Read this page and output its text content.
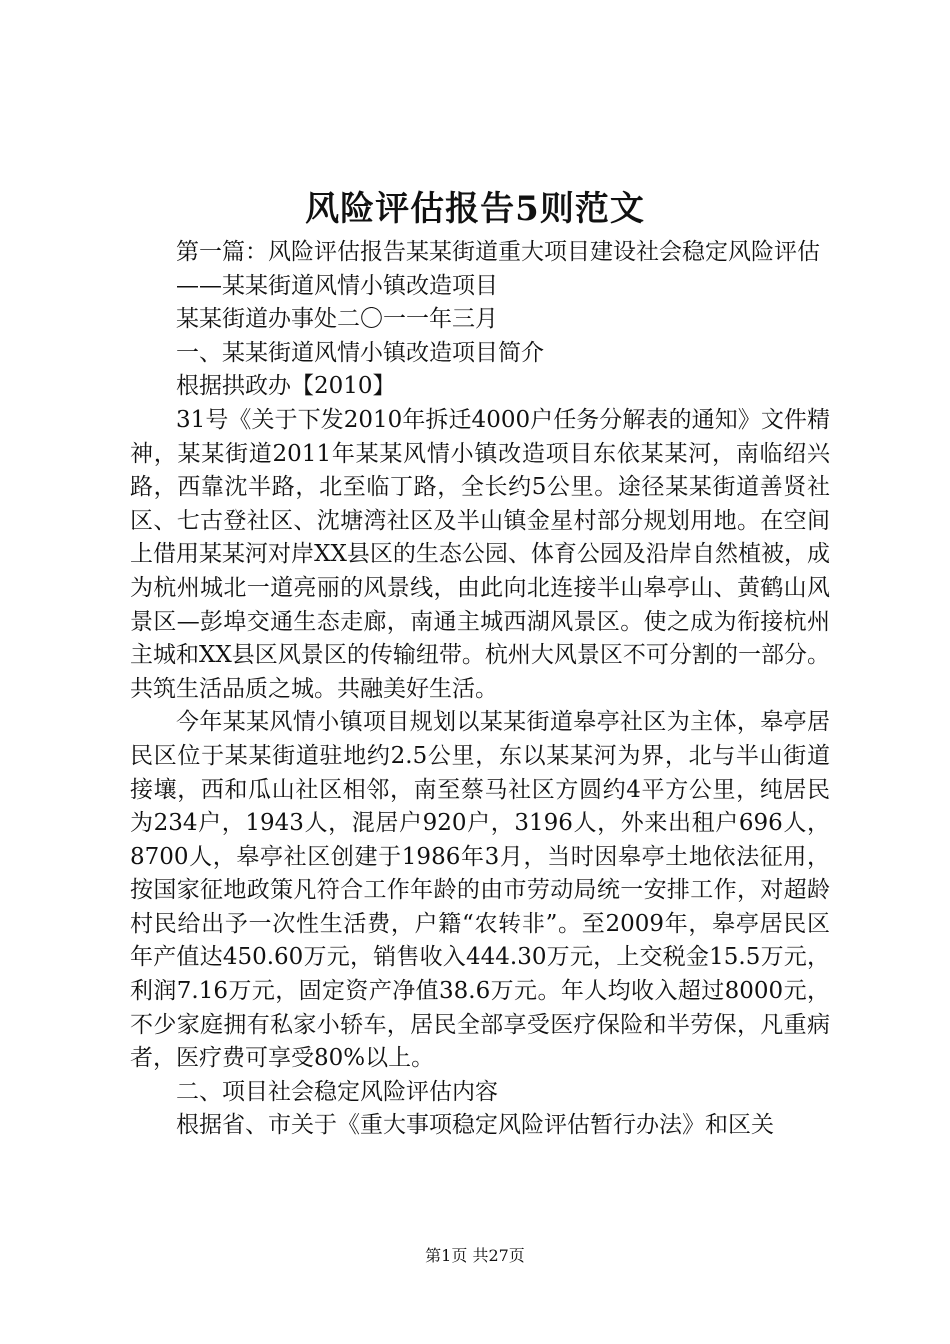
风险评估报告5则范文

第一篇：风险评估报告某某街道重大项目建设社会稳定风险评估

——某某街道风情小镇改造项目

某某街道办事处二〇一一年三月

一、某某街道风情小镇改造项目简介

根据拱政办【2010】

31号《关于下发2010年拆迁4000户任务分解表的通知》文件精神，某某街道2011年某某风情小镇改造项目东依某某河，南临绍兴路，西靠沈半路，北至临丁路，全长约5公里。途径某某街道善贤社区、七古登社区、沈塘湾社区及半山镇金星村部分规划用地。在空间上借用某某河对岸XX县区的生态公园、体育公园及沿岸自然植被，成为杭州城北一道亮丽的风景线，由此向北连接半山皋亭山、黄鹤山风景区—彭埠交通生态走廊，南通主城西湖风景区。使之成为衔接杭州主城和XX县区风景区的传输纽带。杭州大风景区不可分割的一部分。共筑生活品质之城。共融美好生活。

今年某某风情小镇项目规划以某某街道皋亭社区为主体，皋亭居民区位于某某街道驻地约2.5公里，东以某某河为界，北与半山街道接壤，西和瓜山社区相邻，南至蔡马社区方圆约4平方公里，纯居民为234户，1943人，混居户920户，3196人，外来出租户696人，8700人，皋亭社区创建于1986年3月，当时因皋亭土地依法征用，按国家征地政策凡符合工作年龄的由市劳动局统一安排工作，对超龄村民给出予一次性生活费，户籍“农转非”。至2009年，皋亭居民区年产值达450.60万元，销售收入444.30万元，上交税金15.5万元，利润7.16万元，固定资产净值38.6万元。年人均收入超过8000元，不少家庭拥有私家小轿车，居民全部享受医疗保险和半劳保，凡重病者，医疗费可享受80%以上。

二、项目社会稳定风险评估内容

根据省、市关于《重大事项稳定风险评估暂行办法》和区关

第1页 共27页
